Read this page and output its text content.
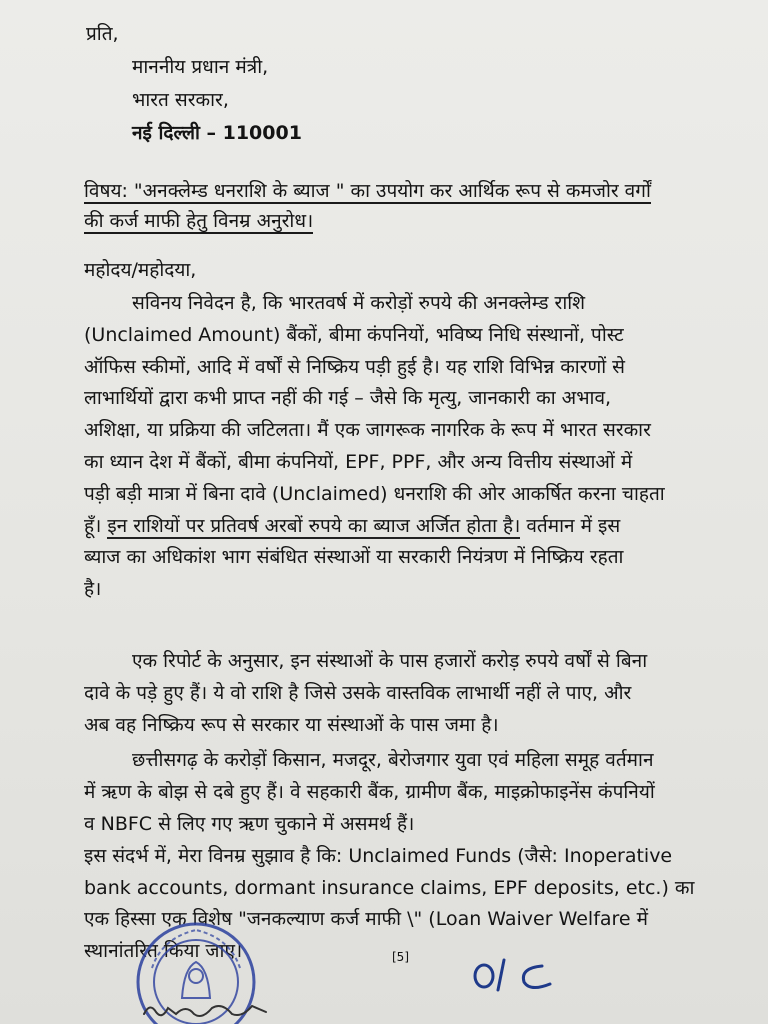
प्रति,
माननीय प्रधान मंत्री,
भारत सरकार,
नई दिल्ली – 110001
विषय: "अनक्लेम्ड धनराशि के ब्याज " का उपयोग कर आर्थिक रूप से कमजोर वर्गों
की कर्ज माफी हेतु विनम्र अनुरोध।
महोदय/महोदया,

सविनय निवेदन है, कि भारतवर्ष में करोड़ों रुपये की अनक्लेम्ड राशि
(Unclaimed Amount) बैंकों, बीमा कंपनियों, भविष्य निधि संस्थानों, पोस्ट
ऑफिस स्कीमों, आदि में वर्षों से निष्क्रिय पड़ी हुई है। यह राशि विभिन्न कारणों से
लाभार्थियों द्वारा कभी प्राप्त नहीं की गई – जैसे कि मृत्यु, जानकारी का अभाव,
अशिक्षा, या प्रक्रिया की जटिलता। मैं एक जागरूक नागरिक के रूप में भारत सरकार
का ध्यान देश में बैंकों, बीमा कंपनियों, EPF, PPF, और अन्य वित्तीय संस्थाओं में
पड़ी बड़ी मात्रा में बिना दावे (Unclaimed) धनराशि की ओर आकर्षित करना चाहता
हूँ। इन राशियों पर प्रतिवर्ष अरबों रुपये का ब्याज अर्जित होता है। वर्तमान में इस
ब्याज का अधिकांश भाग संबंधित संस्थाओं या सरकारी नियंत्रण में निष्क्रिय रहता
है।

एक रिपोर्ट के अनुसार, इन संस्थाओं के पास हजारों करोड़ रुपये वर्षों से बिना
दावे के पड़े हुए हैं। ये वो राशि है जिसे उसके वास्तविक लाभार्थी नहीं ले पाए, और
अब वह निष्क्रिय रूप से सरकार या संस्थाओं के पास जमा है।

छत्तीसगढ़ के करोड़ों किसान, मजदूर, बेरोजगार युवा एवं महिला समूह वर्तमान
में ऋण के बोझ से दबे हुए हैं। वे सहकारी बैंक, ग्रामीण बैंक, माइक्रोफाइनेंस कंपनियों
व NBFC से लिए गए ऋण चुकाने में असमर्थ हैं।

इस संदर्भ में, मेरा विनम्र सुझाव है कि: Unclaimed Funds (जैसे: Inoperative
bank accounts, dormant insurance claims, EPF deposits, etc.) का
एक हिस्सा एक विशेष "जनकल्याण कर्ज माफी \" (Loan Waiver Welfare में
स्थानांतरित किया जाए।	[5]
